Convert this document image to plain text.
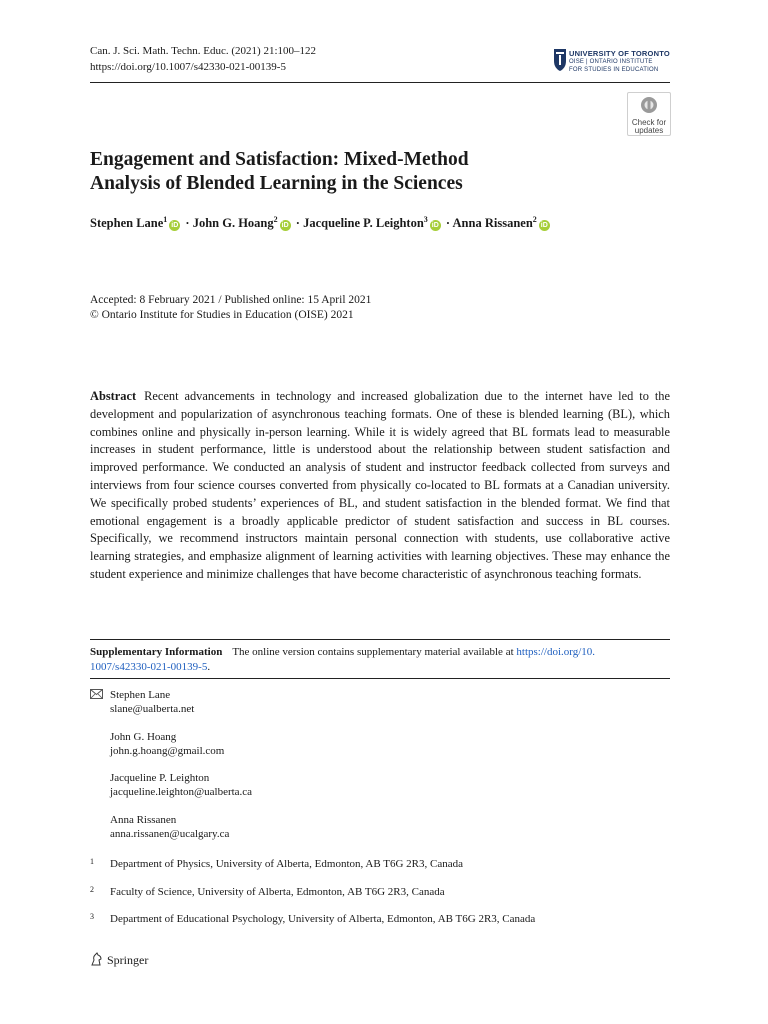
Can. J. Sci. Math. Techn. Educ. (2021) 21:100–122
https://doi.org/10.1007/s42330-021-00139-5
UNIVERSITY OF TORONTO
OISE | ONTARIO INSTITUTE
FOR STUDIES IN EDUCATION
Check for
updates
Engagement and Satisfaction: Mixed-Method
Analysis of Blended Learning in the Sciences
Stephen Lane$^1$iD · John G. Hoang$^2$iD · Jacqueline P. Leighton$^3$iD · Anna Rissanen$^2$iD
Accepted: 8 February 2021 / Published online: 15 April 2021
© Ontario Institute for Studies in Education (OISE) 2021
Abstract Recent advancements in technology and increased globalization due to the internet have led to the development and popularization of asynchronous teaching formats. One of these is blended learning (BL), which combines online and physically in-person learning. While it is widely agreed that BL formats lead to measurable increases in student performance, little is understood about the relationship between student satisfaction and improved performance. We conducted an analysis of student and instructor feedback collected from surveys and interviews from four science courses converted from physically co-located to BL formats at a Canadian university. We specifically probed students’ experiences of BL, and student satisfaction in the blended format. We find that emotional engagement is a broadly applicable predictor of student satisfaction and success in BL courses. Specifically, we recommend instructors maintain personal connection with students, use collaborative active learning strategies, and emphasize alignment of learning activities with learning objectives. These may enhance the student experience and minimize challenges that have become characteristic of asynchronous teaching formats.
Supplementary Information The online version contains supplementary material available at https://doi.org/10.
1007/s42330-021-00139-5.
Stephen Lane
slane@ualberta.net
John G. Hoang
john.g.hoang@gmail.com
Jacqueline P. Leighton
jacqueline.leighton@ualberta.ca
Anna Rissanen
anna.rissanen@ucalgary.ca
1 Department of Physics, University of Alberta, Edmonton, AB T6G 2R3, Canada
2 Faculty of Science, University of Alberta, Edmonton, AB T6G 2R3, Canada
3 Department of Educational Psychology, University of Alberta, Edmonton, AB T6G 2R3, Canada
Springer
